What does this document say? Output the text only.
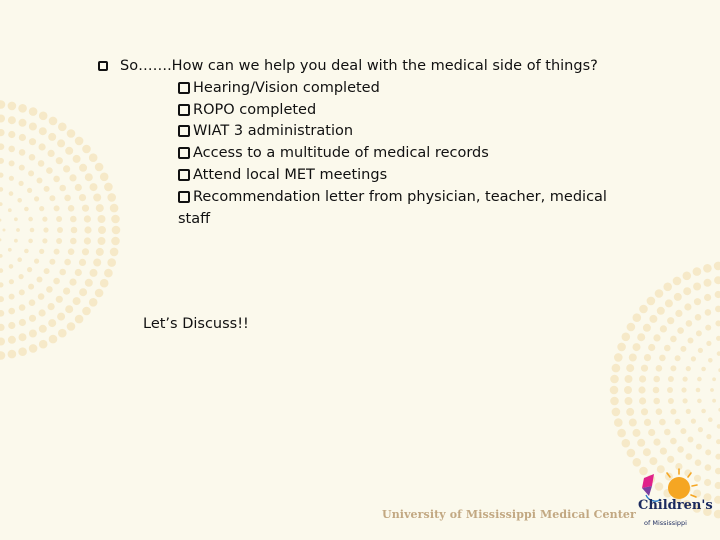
So…….How can we help you deal with the medical side of things?
Hearing/Vision completed
ROPO completed
WIAT 3 administration
Access to a multitude of medical records
Attend local MET meetings
Recommendation letter from physician, teacher, medical
staff
Let’s Discuss!!
University of Mississippi Medical Center
Children's
of Mississippi
